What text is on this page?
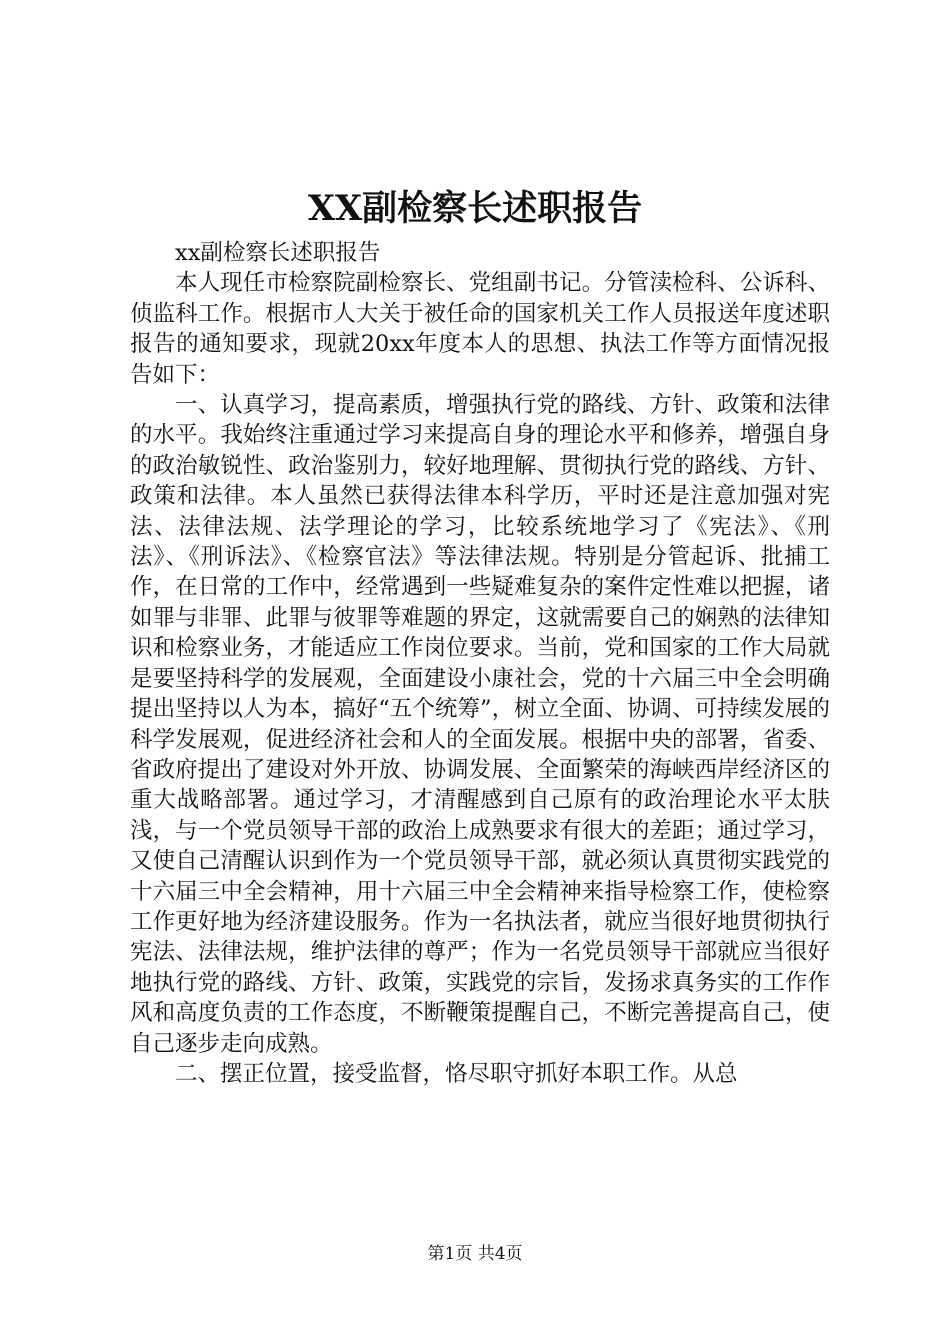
XX副检察长述职报告

xx副检察长述职报告

本人现任市检察院副检察长、党组副书记。分管渎检科、公诉科、侦监科工作。根据市人大关于被任命的国家机关工作人员报送年度述职报告的通知要求，现就20xx年度本人的思想、执法工作等方面情况报告如下：

一、认真学习，提高素质，增强执行党的路线、方针、政策和法律的水平。我始终注重通过学习来提高自身的理论水平和修养，增强自身的政治敏锐性、政治鉴别力，较好地理解、贯彻执行党的路线、方针、政策和法律。本人虽然已获得法律本科学历，平时还是注意加强对宪法、法律法规、法学理论的学习，比较系统地学习了《宪法》、《刑法》、《刑诉法》、《检察官法》等法律法规。特别是分管起诉、批捕工作，在日常的工作中，经常遇到一些疑难复杂的案件定性难以把握，诸如罪与非罪、此罪与彼罪等难题的界定，这就需要自己的娴熟的法律知识和检察业务，才能适应工作岗位要求。当前，党和国家的工作大局就是要坚持科学的发展观，全面建设小康社会，党的十六届三中全会明确提出坚持以人为本，搞好“五个统筹”，树立全面、协调、可持续发展的科学发展观，促进经济社会和人的全面发展。根据中央的部署，省委、省政府提出了建设对外开放、协调发展、全面繁荣的海峡西岸经济区的重大战略部署。通过学习，才清醒感到自己原有的政治理论水平太肤浅，与一个党员领导干部的政治上成熟要求有很大的差距；通过学习，又使自己清醒认识到作为一个党员领导干部，就必须认真贯彻实践党的十六届三中全会精神，用十六届三中全会精神来指导检察工作，使检察工作更好地为经济建设服务。作为一名执法者，就应当很好地贯彻执行宪法、法律法规，维护法律的尊严；作为一名党员领导干部就应当很好地执行党的路线、方针、政策，实践党的宗旨，发扬求真务实的工作作风和高度负责的工作态度，不断鞭策提醒自己，不断完善提高自己，使自己逐步走向成熟。

二、摆正位置，接受监督，恪尽职守抓好本职工作。从总

第1页 共4页
